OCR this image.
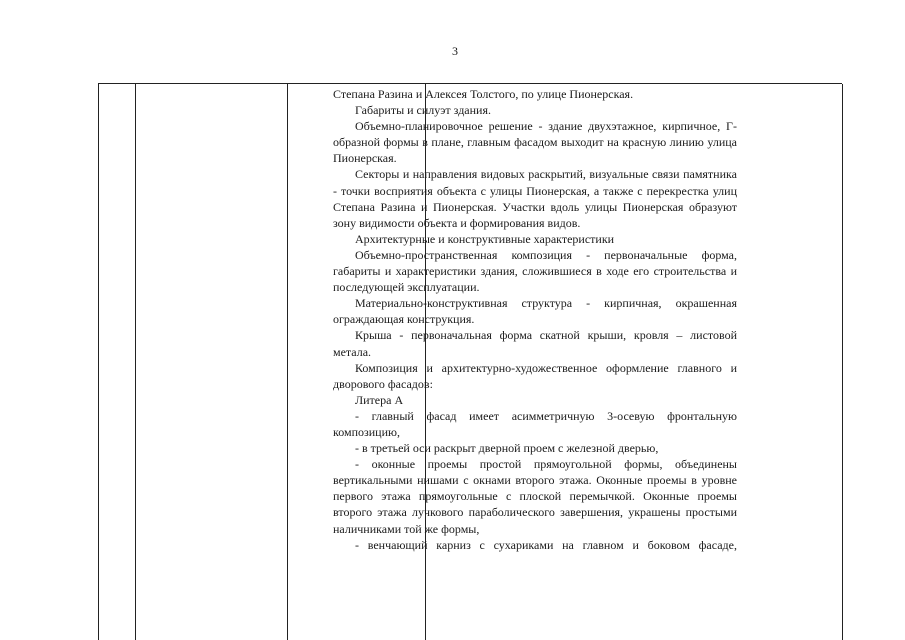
3

Степана Разина и Алексея Толстого, по улице Пионерская.

Габариты и силуэт здания.

Объемно-планировочное решение - здание двухэтажное, кирпичное, Г-образной формы в плане, главным фасадом выходит на красную линию улица Пионерская.

Секторы и направления видовых раскрытий, визуальные связи памятника - точки восприятия объекта с улицы Пионерская, а также с перекрестка улиц Степана Разина и Пионерская. Участки вдоль улицы Пионерская образуют зону видимости объекта и формирования видов.

Архитектурные и конструктивные характеристики

Объемно-пространственная композиция - первоначальные форма, габариты и характеристики здания, сложившиеся в ходе его строительства и последующей эксплуатации.

Материально-конструктивная структура - кирпичная, окрашенная ограждающая конструкция.

Крыша - первоначальная форма скатной крыши, кровля – листовой метала.

Композиция и архитектурно-художественное оформление главного и дворового фасадов:

Литера А

- главный фасад имеет асимметричную 3-осевую фронтальную композицию,

- в третьей оси раскрыт дверной проем с железной дверью,

- оконные проемы простой прямоугольной формы, объединены вертикальными нишами с окнами второго этажа. Оконные проемы в уровне первого этажа прямоугольные с плоской перемычкой. Оконные проемы второго этажа лучкового параболического завершения, украшены простыми наличниками той же формы,

- венчающий карниз с сухариками на главном и боковом фасаде,
